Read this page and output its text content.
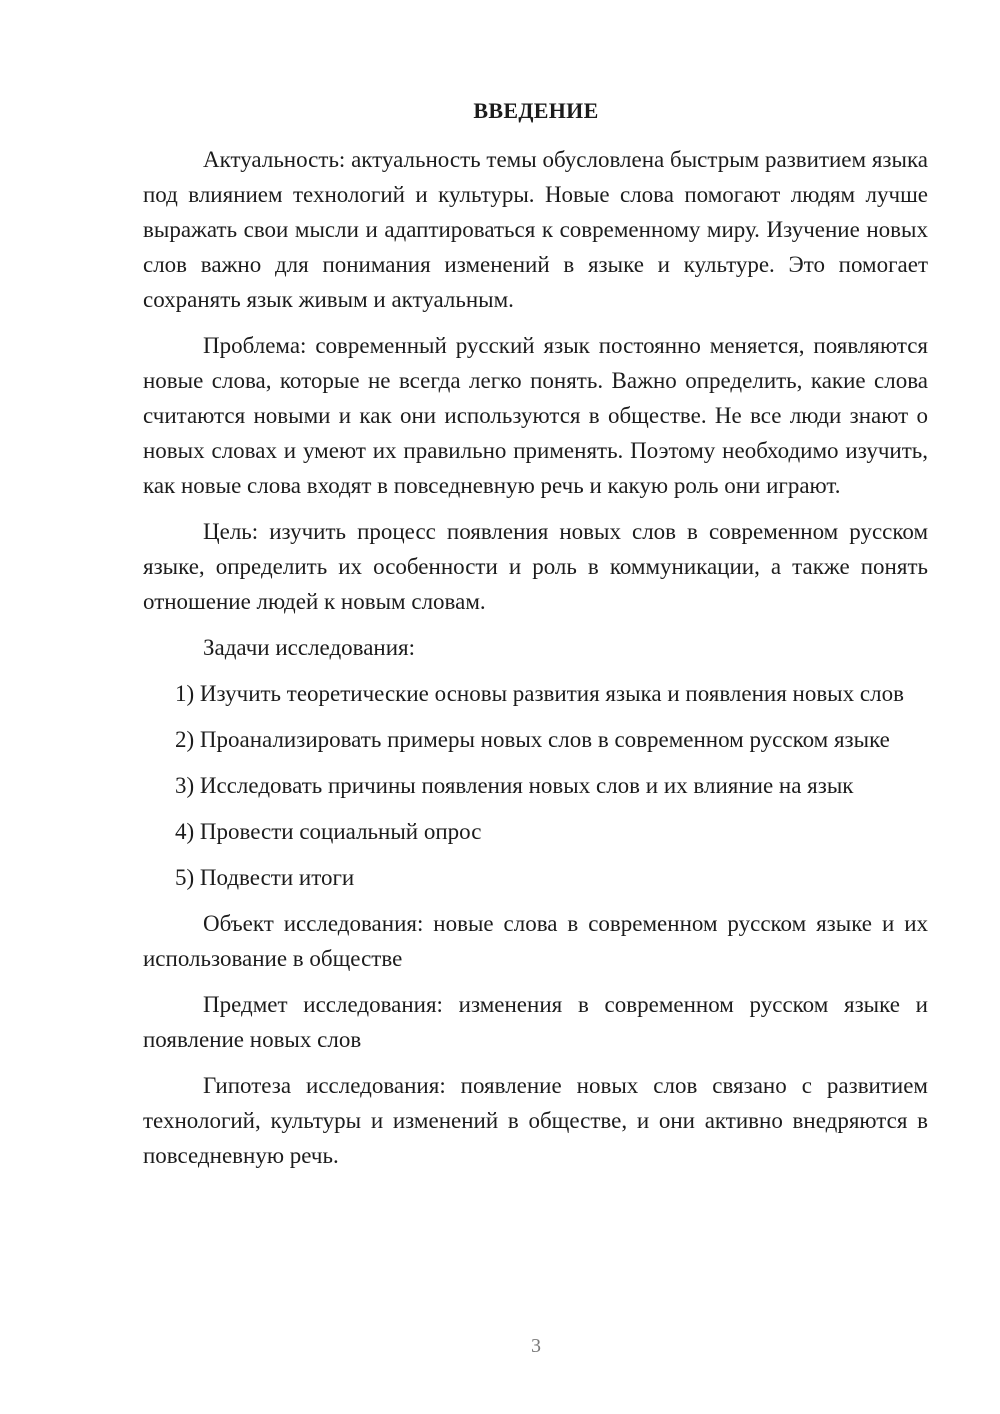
ВВЕДЕНИЕ

Актуальность: актуальность темы обусловлена быстрым развитием языка под влиянием технологий и культуры. Новые слова помогают людям лучше выражать свои мысли и адаптироваться к современному миру. Изучение новых слов важно для понимания изменений в языке и культуре. Это помогает сохранять язык живым и актуальным.

Проблема: современный русский язык постоянно меняется, появляются новые слова, которые не всегда легко понять. Важно определить, какие слова считаются новыми и как они используются в обществе. Не все люди знают о новых словах и умеют их правильно применять. Поэтому необходимо изучить, как новые слова входят в повседневную речь и какую роль они играют.

Цель: изучить процесс появления новых слов в современном русском языке, определить их особенности и роль в коммуникации, а также понять отношение людей к новым словам.

Задачи исследования:

1) Изучить теоретические основы развития языка и появления новых слов

2) Проанализировать примеры новых слов в современном русском языке

3) Исследовать причины появления новых слов и их влияние на язык

4) Провести социальный опрос

5) Подвести итоги

Объект исследования: новые слова в современном русском языке и их использование в обществе

Предмет исследования: изменения в современном русском языке и появление новых слов

Гипотеза исследования: появление новых слов связано с развитием технологий, культуры и изменений в обществе, и они активно внедряются в повседневную речь.

3
